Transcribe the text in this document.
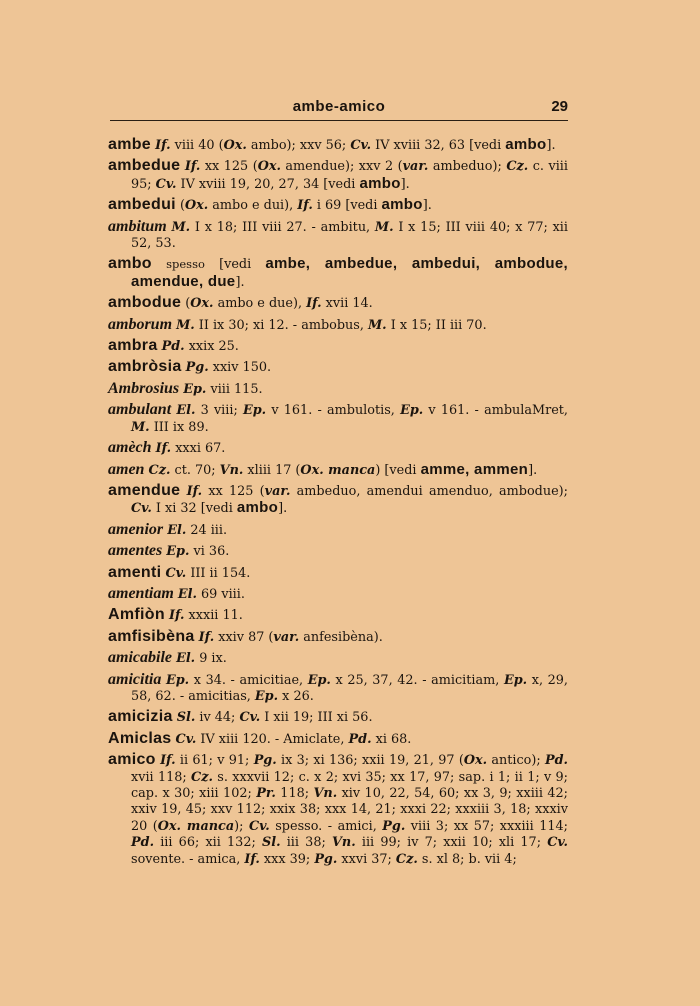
ambe-amico	29
ambe If. viii 40 (Ox. ambo); xxv 56; Cv. IV xviii 32, 63 [vedi ambo].
ambedue If. xx 125 (Ox. amendue); xxv 2 (var. ambeduo); Cz. c. viii 95; Cv. IV xviii 19, 20, 27, 34 [vedi ambo].
ambedui (Ox. ambo e dui), If. i 69 [vedi ambo].
ambitum M. I x 18; III viii 27. - ambitu, M. I x 15; III viii 40; x 77; xii 52, 53.
ambo spesso [vedi ambe, ambedue, ambedui, ambodue, amendue, due].
ambodue (Ox. ambo e due), If. xvii 14.
amborum M. II ix 30; xi 12. - ambobus, M. I x 15; II iii 70.
ambra Pd. xxix 25.
ambròsia Pg. xxiv 150.
Ambrosius Ep. viii 115.
ambulant El. 3 viii; Ep. v 161. - ambulotis, Ep. v 161. - ambulaMret, M. III ix 89.
amèch If. xxxi 67.
amen Cz. ct. 70; Vn. xliii 17 (Ox. manca) [vedi amme, ammen].
amendue If. xx 125 (var. ambeduo, amendui amenduo, ambodue); Cv. I xi 32 [vedi ambo].
amenior El. 24 iii.
amentes Ep. vi 36.
amenti Cv. III ii 154.
amentiam El. 69 viii.
Amfiòn If. xxxii 11.
amfisibèna If. xxiv 87 (var. anfesibèna).
amicabile El. 9 ix.
amicitia Ep. x 34. - amicitiae, Ep. x 25, 37, 42. - amicitiam, Ep. x, 29, 58, 62. - amicitias, Ep. x 26.
amicizia Sl. iv 44; Cv. I xii 19; III xi 56.
Amiclas Cv. IV xiii 120. - Amiclate, Pd. xi 68.
amico If. ii 61; v 91; Pg. ix 3; xi 136; xxii 19, 21, 97 (Ox. antico); Pd. xvii 118; Cz. s. xxxvii 12; c. x 2; xvi 35; xx 17, 97; sap. i 1; ii 1; v 9; cap. x 30; xiii 102; Pr. 118; Vn. xiv 10, 22, 54, 60; xx 3, 9; xxiii 42; xxiv 19, 45; xxv 112; xxix 38; xxx 14, 21; xxxi 22; xxxiii 3, 18; xxxiv 20 (Ox. manca); Cv. spesso. - amici, Pg. viii 3; xx 57; xxxiii 114; Pd. iii 66; xii 132; Sl. iii 38; Vn. iii 99; iv 7; xxii 10; xli 17; Cv. sovente. - amica, If. xxx 39; Pg. xxvi 37; Cz. s. xl 8; b. vii 4;
